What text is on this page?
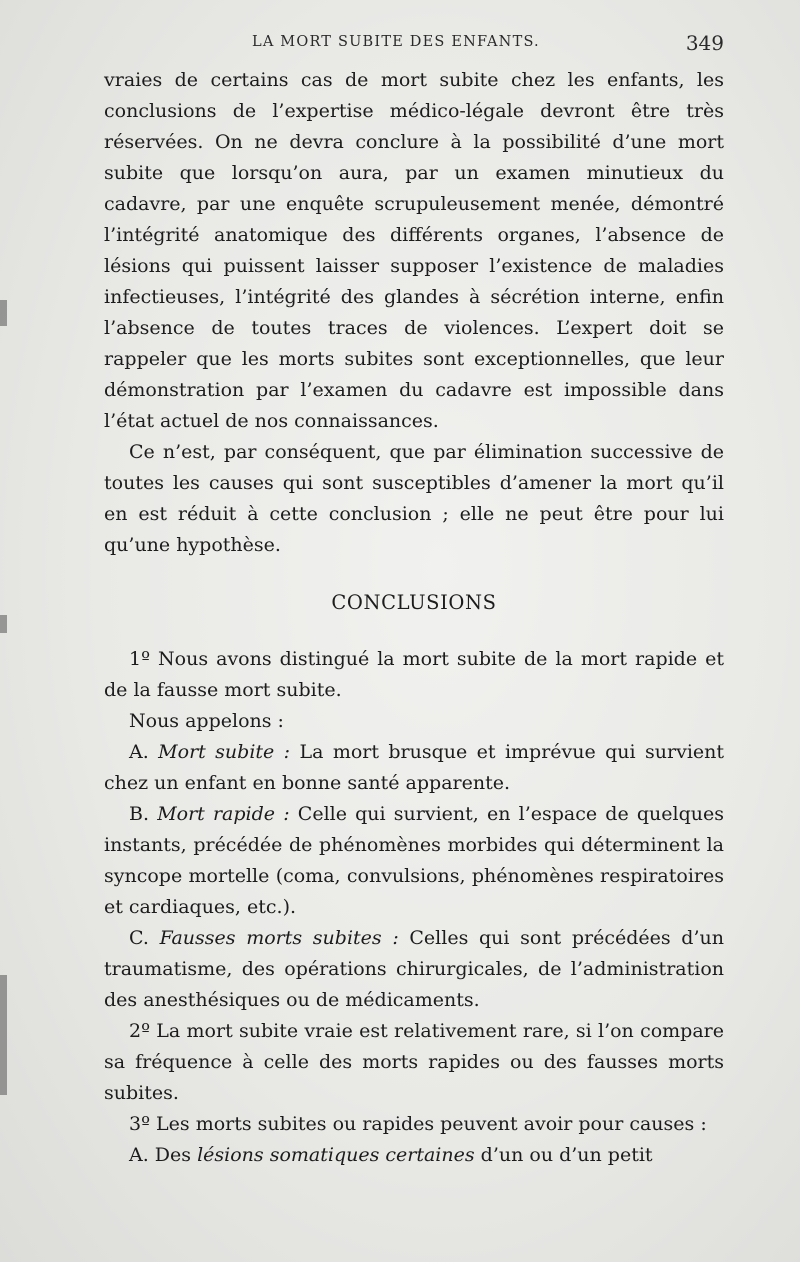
LA MORT SUBITE DES ENFANTS.	349

vraies de certains cas de mort subite chez les enfants, les conclusions de l’expertise médico-légale devront être très réservées. On ne devra conclure à la possibilité d’une mort subite que lorsqu’on aura, par un examen minutieux du cadavre, par une enquête scrupuleusement menée, démontré l’intégrité anatomique des différents organes, l’absence de lésions qui puissent laisser supposer l’existence de maladies infectieuses, l’intégrité des glandes à sécrétion interne, enfin l’absence de toutes traces de violences. L’expert doit se rappeler que les morts subites sont exceptionnelles, que leur démonstration par l’examen du cadavre est impossible dans l’état actuel de nos connaissances.

Ce n’est, par conséquent, que par élimination successive de toutes les causes qui sont susceptibles d’amener la mort qu’il en est réduit à cette conclusion ; elle ne peut être pour lui qu’une hypothèse.

CONCLUSIONS

1º Nous avons distingué la mort subite de la mort rapide et de la fausse mort subite.

Nous appelons :

A. Mort subite : La mort brusque et imprévue qui survient chez un enfant en bonne santé apparente.

B. Mort rapide : Celle qui survient, en l’espace de quelques instants, précédée de phénomènes morbides qui déterminent la syncope mortelle (coma, convulsions, phénomènes respiratoires et cardiaques, etc.).

C. Fausses morts subites : Celles qui sont précédées d’un traumatisme, des opérations chirurgicales, de l’administration des anesthésiques ou de médicaments.

2º La mort subite vraie est relativement rare, si l’on compare sa fréquence à celle des morts rapides ou des fausses morts subites.

3º Les morts subites ou rapides peuvent avoir pour causes :

A. Des lésions somatiques certaines d’un ou d’un petit
